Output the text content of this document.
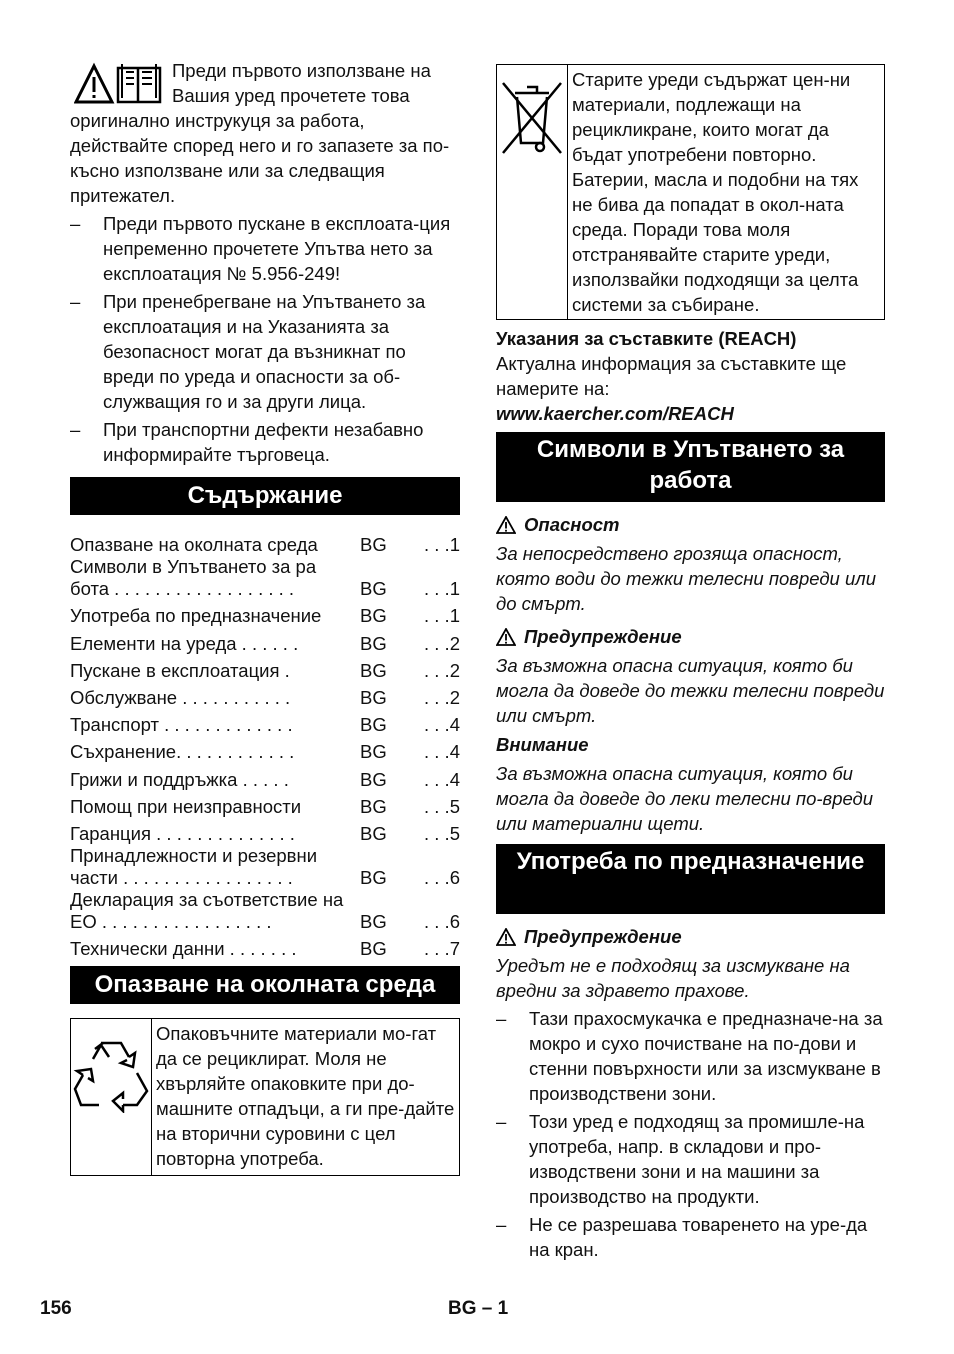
Преди първото използване на Вашия уред прочетете това оригинално инструкуця за работа, действайте според него и го запазете за по-късно използване или за следващия притежател.

– Преди първото пускане в експлоата-ция непременно прочетете Упътва нето за експлоатация № 5.956-249!
– При пренебрегване на Упътването за експлоатация и на Указанията за безопасност могат да възникнат по вреди по уреда и опасности за об-служващия го и за други лица.
– При транспортни дефекти незабавно информирайте търговеца.
Съдържание
Опазване на околната среда	BG	. . .1
Символи в Упътването за ра бота . . . . . . . . . . . . . . . . . .	BG	. . .1
Употреба по предназначение	BG	. . .1
Елементи на уреда . . . . . .	BG	. . .2
Пускане в експлоатация .	BG	. . .2
Обслужване . . . . . . . . . . .	BG	. . .2
Транспорт . . . . . . . . . . . . .	BG	. . .4
Съхранение. . . . . . . . . . . .	BG	. . .4
Грижи и поддръжка . . . . .	BG	. . .4
Помощ при неизправности	BG	. . .5
Гаранция . . . . . . . . . . . . . .	BG	. . .5
Принадлежности и резервни части . . . . . . . . . . . . . . . . .	BG	. . .6
Декларация за съответствие на ЕО . . . . . . . . . . . . . . . . .	BG	. . .6
Технически данни . . . . . . .	BG	. . .7
Опазване на околната среда
Опаковъчните материали мо-гат да се рециклират. Моля не хвърляйте опаковките при до-машните отпадъци, а ги пре-дайте на вторични суровини с цел повторна употреба.
Старите уреди съдържат цен-ни материали, подлежащи на рецикликране, които могат да бъдат употребени повторно. Батерии, масла и подобни на тях не бива да попадат в окол-ната среда. Поради това моля отстранявайте старите уреди, използвайки подходящи за целта системи за събиране.

Указания за съставките (REACH)

Актуална информация за съставките ще намерите на:

www.kaercher.com/REACH

Символи в Упътването за работа
Опасност

За непосредствено грозяща опасност, която води до тежки телесни повреди или до смърт.

Предупреждение

За възможна опасна ситуация, която би могла да доведе до тежки телесни повреди или смърт.

Внимание

За възможна опасна ситуация, която би могла да доведе до леки телесни по-вреди или материални щети.

Употреба по предназначение
Предупреждение

Уредът не е подходящ за изсмукване на вредни за здравето прахове.

– Тази прахосмукачка е предназначе-на за мокро и сухо почистване на по-дови и стенни повърхности или за изсмукване в производствени зони.
– Този уред е подходящ за промишле-на употреба, напр. в складови и про-изводствени зони и на машини за производство на продукти.
– Не се разрешава товаренето на уре-да на кран.
156	BG – 1
